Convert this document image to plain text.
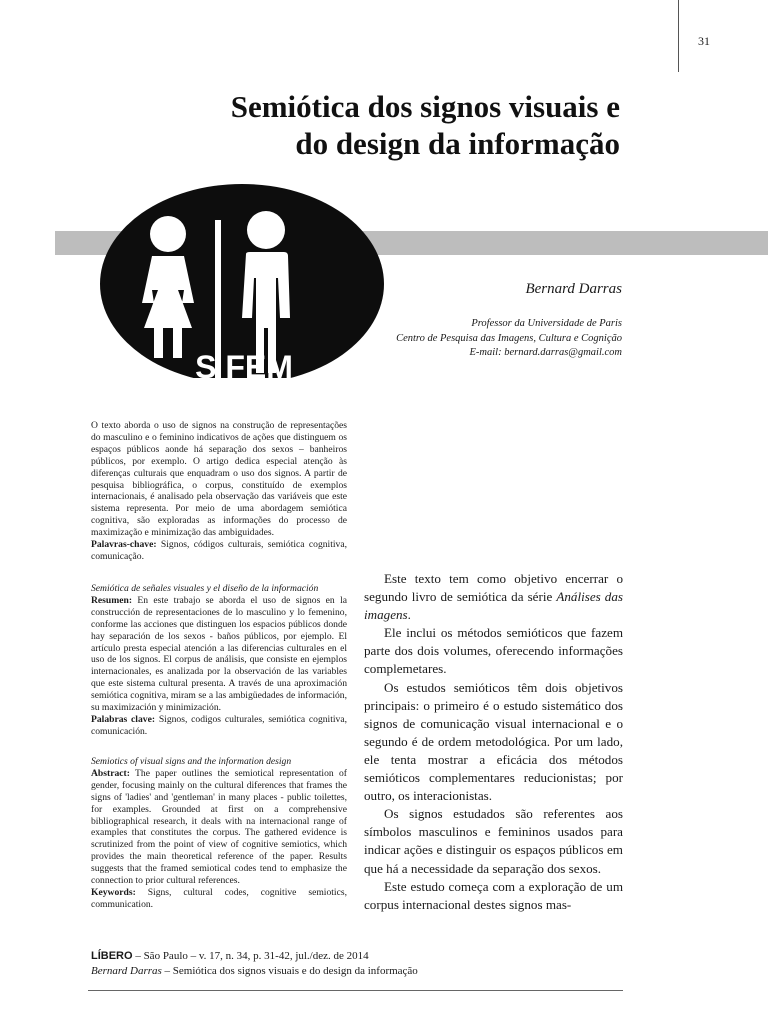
31
Semiótica dos signos visuais e
do design da informação
S FEM
Bernard Darras
Professor da Universidade de Paris
Centro de Pesquisa das Imagens, Cultura e Cognição
E-mail: bernard.darras@gmail.com
O texto aborda o uso de signos na construção de representações do masculino e o feminino indicativos de ações que distinguem os espaços públicos aonde há separação dos sexos – banheiros públicos, por exemplo. O artigo dedica especial atenção às diferenças culturais que enquadram o uso dos signos. A partir de pesquisa bibliográfica, o corpus, constituído de exemplos internacionais, é analisado pela observação das variáveis que este sistema representa. Por meio de uma abordagem semiótica cognitiva, são exploradas as informações do processo de maximização e minimização das ambiguidades.
Palavras-chave: Signos, códigos culturais, semiótica cognitiva, comunicação.
Semiótica de señales visuales y el diseño de la información
Resumen: En este trabajo se aborda el uso de signos en la construcción de representaciones de lo masculino y lo femenino, conforme las acciones que distinguen los espacios públicos donde hay separación de los sexos - baños públicos, por ejemplo. El artículo presta especial atención a las diferencias culturales en el uso de los signos. El corpus de análisis, que consiste en ejemplos internacionales, es analizada por la observación de las variables que este sistema cultural presenta. A través de una aproximación semiótica cognitiva, miram se a las ambigüedades de información, su maximización y minimización.
Palabras clave: Signos, codigos culturales, semiótica cognitiva, comunicación.
Semiotics of visual signs and the information design
Abstract: The paper outlines the semiotical representation of gender, focusing mainly on the cultural diferences that frames the signs of 'ladies' and 'gentleman' in many places - public toilettes, for examples. Grounded at first on a comprehensive bibliographical research, it deals with na internacional range of examples that constitutes the corpus. The gathered evidence is scrutinized from the point of view of cognitive semiotics, which provides the main theoretical reference of the paper. Results suggests that the framed semiotical codes tend to emphasize the connection to prior cultural references.
Keywords: Signs, cultural codes, cognitive semiotics, communication.

Este texto tem como objetivo encerrar o segundo livro de semiótica da série Análises das imagens.

Ele inclui os métodos semióticos que fazem parte dos dois volumes, oferecendo informações complemetares.

Os estudos semióticos têm dois objetivos principais: o primeiro é o estudo sistemático dos signos de comunicação visual internacional e o segundo é de ordem metodológica. Por um lado, ele tenta mostrar a eficácia dos métodos semióticos complementares reducionistas; por outro, os interacionistas.

Os signos estudados são referentes aos símbolos masculinos e femininos usados para indicar ações e distinguir os espaços públicos em que há a necessidade da separação dos sexos.

Este estudo começa com a exploração de um corpus internacional destes signos mas-

LÍBERO – São Paulo – v. 17, n. 34, p. 31-42, jul./dez. de 2014
Bernard Darras – Semiótica dos signos visuais e do design da informação
